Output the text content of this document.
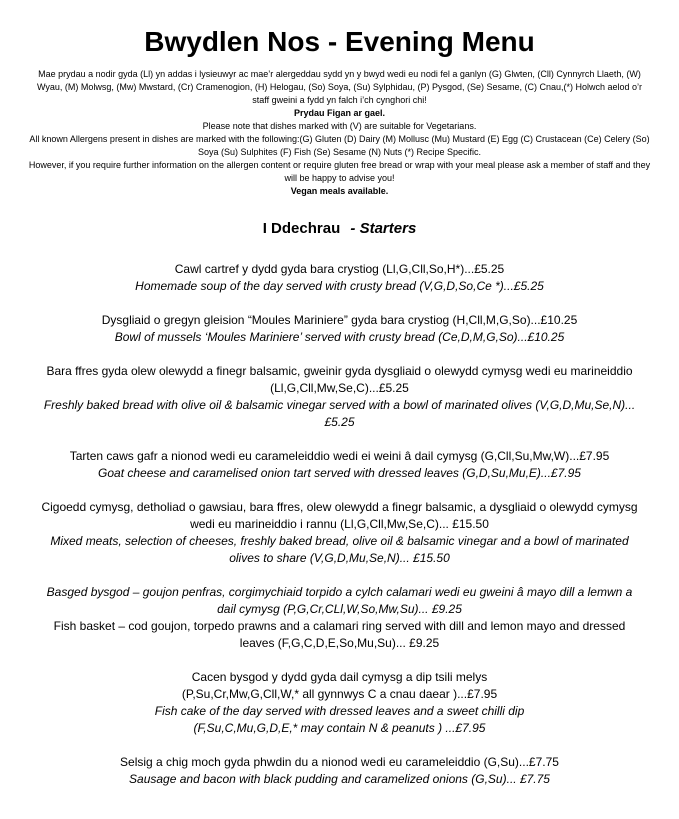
Bwydlen Nos - Evening Menu

Mae prydau a nodir gyda (Ll) yn addas i lysieuwyr ac mae’r alergeddau sydd yn y bwyd wedi eu nodi fel a ganlyn (G) Glwten, (Cll) Cynnyrch Llaeth, (W) Wyau, (M) Molwsg, (Mw) Mwstard, (Cr) Cramenogion, (H) Helogau, (So) Soya, (Su) Sylphidau, (P) Pysgod, (Se) Sesame, (C) Cnau,(*) Holwch aelod o’r staff gweini a fydd yn falch i’ch cynghori chi!

Prydau Figan ar gael.

Please note that dishes marked with (V) are suitable for Vegetarians.

All known Allergens present in dishes are marked with the following:(G) Gluten (D) Dairy (M) Mollusc (Mu) Mustard (E) Egg (C) Crustacean (Ce) Celery (So) Soya (Su) Sulphites (F) Fish (Se) Sesame (N) Nuts (*) Recipe Specific.

However, if you require further information on the allergen content or require gluten free bread or wrap with your meal please ask a member of staff and they will be happy to advise you!

Vegan meals available.

I Ddechrau - Starters

Cawl cartref y dydd gyda bara crystiog (Ll,G,Cll,So,H*)...£5.25

Homemade soup of the day served with crusty bread (V,G,D,So,Ce *)...£5.25

Dysgliaid o gregyn gleision “Moules Mariniere” gyda bara crystiog (H,Cll,M,G,So)...£10.25

Bowl of mussels ‘Moules Mariniere’ served with crusty bread (Ce,D,M,G,So)...£10.25

Bara ffres gyda olew olewydd a finegr balsamic, gweinir gyda dysgliaid o olewydd cymysg wedi eu marineiddio (Ll,G,Cll,Mw,Se,C)...£5.25

Freshly baked bread with olive oil & balsamic vinegar served with a bowl of marinated olives (V,G,D,Mu,Se,N)...£5.25

Tarten caws gafr a nionod wedi eu carameleiddio wedi ei weini â dail cymysg (G,Cll,Su,Mw,W)...£7.95

Goat cheese and caramelised onion tart served with dressed leaves (G,D,Su,Mu,E)...£7.95

Cigoedd cymysg, detholiad o gawsiau, bara ffres, olew olewydd a finegr balsamic, a dysgliaid o olewydd cymysg wedi eu marineiddio i rannu (Ll,G,Cll,Mw,Se,C)... £15.50

Mixed meats, selection of cheeses, freshly baked bread, olive oil & balsamic vinegar and a bowl of marinated olives to share (V,G,D,Mu,Se,N)... £15.50

Basged bysgod – goujon penfras, corgimychiaid torpido a cylch calamari wedi eu gweini â mayo dill a lemwn a dail cymysg (P,G,Cr,CLl,W,So,Mw,Su)... £9.25

Fish basket – cod goujon, torpedo prawns and a calamari ring served with dill and lemon mayo and dressed leaves (F,G,C,D,E,So,Mu,Su)... £9.25

Cacen bysgod y dydd gyda dail cymysg a dip tsili melys

(P,Su,Cr,Mw,G,Cll,W,* all gynnwys C a cnau daear )...£7.95

Fish cake of the day served with dressed leaves and a sweet chilli dip

(F,Su,C,Mu,G,D,E,* may contain N & peanuts ) ...£7.95

Selsig a chig moch gyda phwdin du a nionod wedi eu carameleiddio (G,Su)...£7.75

Sausage and bacon with black pudding and caramelized onions (G,Su)... £7.75
